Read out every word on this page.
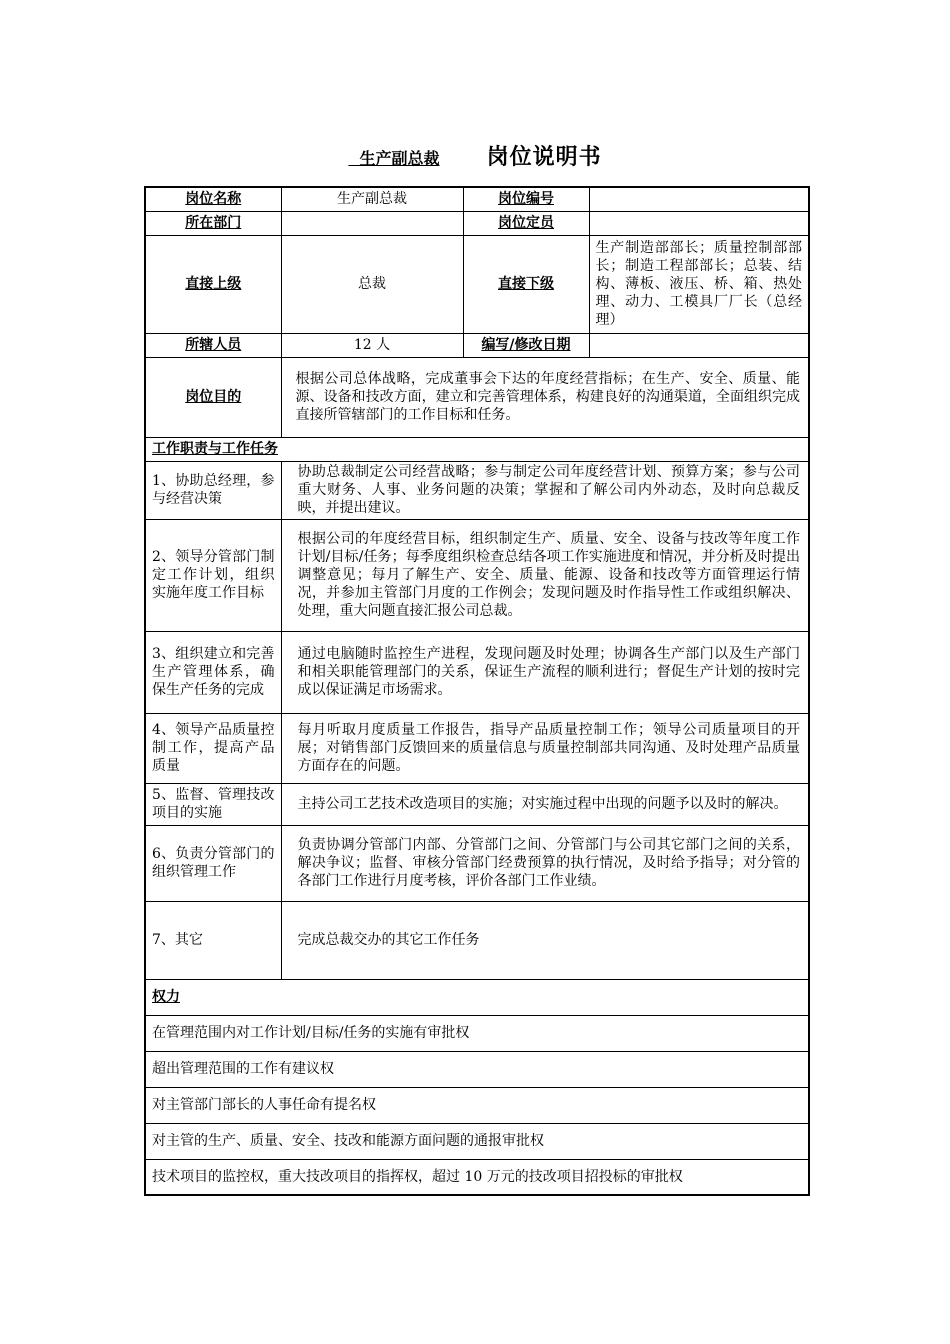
生产副总裁 岗位说明书
岗位名称	生产副总裁	岗位编号	
所在部门		岗位定员	
直接上级	总裁	直接下级	生产制造部部长；质量控制部部长；制造工程部部长；总装、结构、薄板、液压、桥、箱、热处理、动力、工模具厂厂长（总经理）
所辖人员	12 人	编写/修改日期	
岗位目的	根据公司总体战略，完成董事会下达的年度经营指标；在生产、安全、质量、能源、设备和技改方面，建立和完善管理体系，构建良好的沟通渠道，全面组织完成直接所管辖部门的工作目标和任务。		
工作职责与工作任务			
1、协助总经理，参与经营决策	协助总裁制定公司经营战略；参与制定公司年度经营计划、预算方案；参与公司重大财务、人事、业务问题的决策；掌握和了解公司内外动态，及时向总裁反映，并提出建议。		
2、领导分管部门制定工作计划，组织实施年度工作目标	根据公司的年度经营目标，组织制定生产、质量、安全、设备与技改等年度工作计划/目标/任务；每季度组织检查总结各项工作实施进度和情况，并分析及时提出调整意见；每月了解生产、安全、质量、能源、设备和技改等方面管理运行情况，并参加主管部门月度的工作例会；发现问题及时作指导性工作或组织解决、处理，重大问题直接汇报公司总裁。		
3、组织建立和完善生产管理体系，确保生产任务的完成	通过电脑随时监控生产进程，发现问题及时处理；协调各生产部门以及生产部门和相关职能管理部门的关系，保证生产流程的顺利进行；督促生产计划的按时完成以保证满足市场需求。		
4、领导产品质量控制工作，提高产品质量	每月听取月度质量工作报告，指导产品质量控制工作；领导公司质量项目的开展；对销售部门反馈回来的质量信息与质量控制部共同沟通、及时处理产品质量方面存在的问题。		
5、监督、管理技改项目的实施	主持公司工艺技术改造项目的实施；对实施过程中出现的问题予以及时的解决。		
6、负责分管部门的组织管理工作	负责协调分管部门内部、分管部门之间、分管部门与公司其它部门之间的关系，解决争议；监督、审核分管部门经费预算的执行情况，及时给予指导；对分管的各部门工作进行月度考核，评价各部门工作业绩。		
7、其它	完成总裁交办的其它工作任务		
权力			
在管理范围内对工作计划/目标/任务的实施有审批权			
超出管理范围的工作有建议权			
对主管部门部长的人事任命有提名权			
对主管的生产、质量、安全、技改和能源方面问题的通报审批权			
技术项目的监控权，重大技改项目的指挥权，超过 10 万元的技改项目招投标的审批权			
